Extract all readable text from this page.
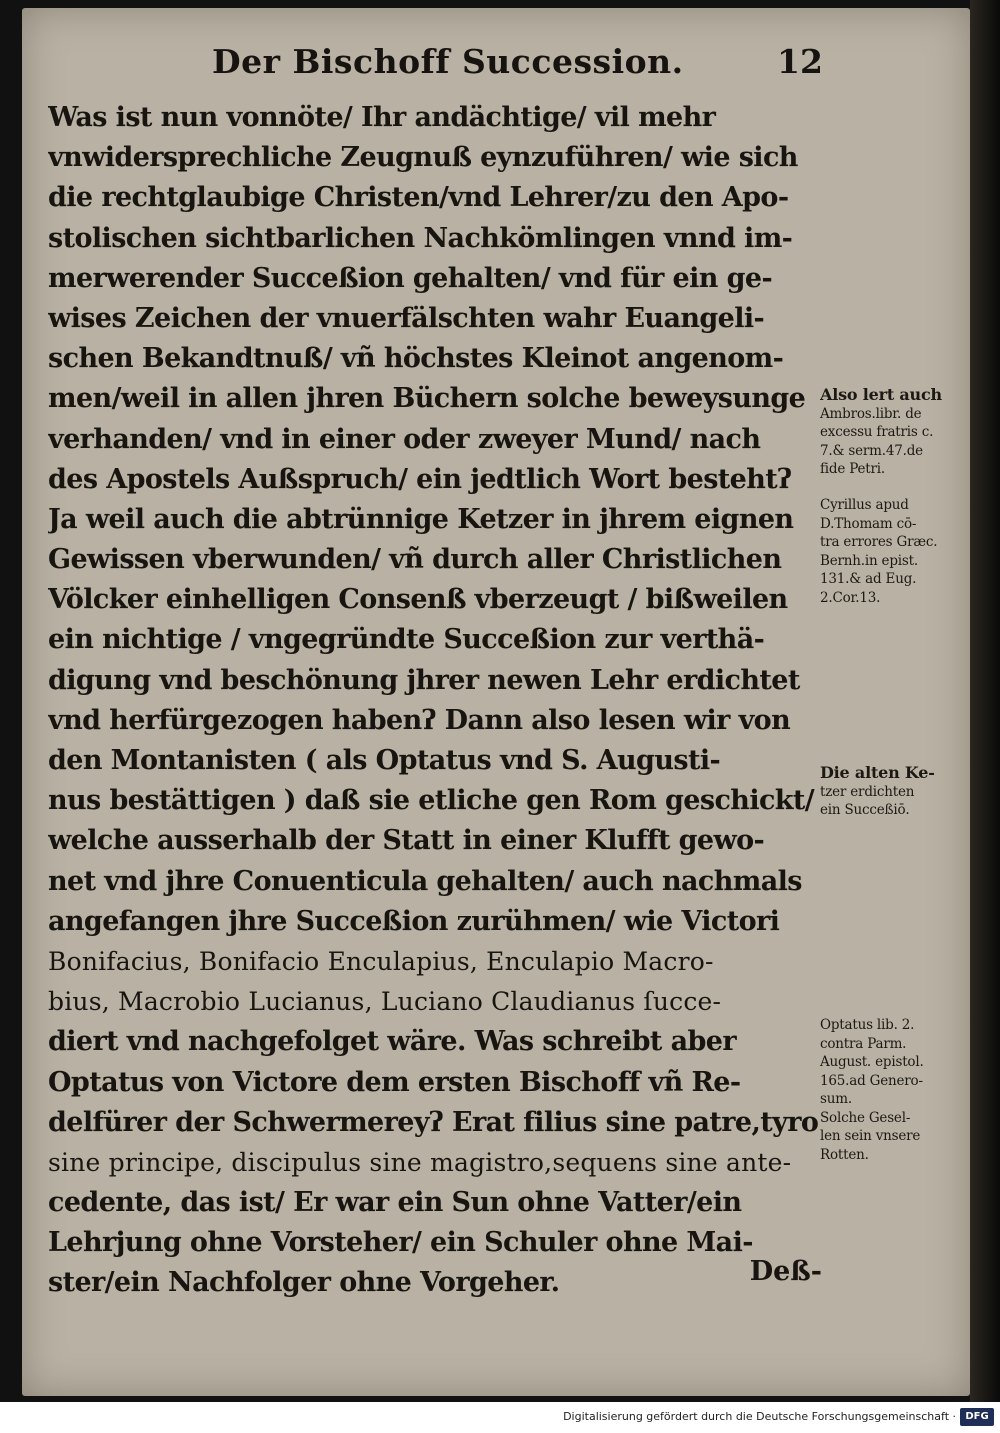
Der Bischoff Succession.	12
Was ist nun vonnöte/ Ihr andächtige/ vil mehr
vnwidersprechliche Zeugnuß eynzuführen/ wie sich
die rechtglaubige Christen/vnd Lehrer/zu den Apo-
stolischen sichtbarlichen Nachkömlingen vnnd im-
merwerender Succeßion gehalten/ vnd für ein ge-
wises Zeichen der vnuerfälschten wahr Euangeli-
schen Bekandtnuß/ vñ höchstes Kleinot angenom-
men/weil in allen jhren Büchern solche beweysunge
verhanden/ vnd in einer oder zweyer Mund/ nach
des Apostels Außspruch/ ein jedtlich Wort bestehtʔ
Ja weil auch die abtrünnige Ketzer in jhrem eignen
Gewissen vberwunden/ vñ durch aller Christlichen
Völcker einhelligen Consenß vberzeugt / bißweilen
ein nichtige / vngegründte Succeßion zur verthä-
digung vnd beschönung jhrer newen Lehr erdichtet
vnd herfürgezogen habenʔ Dann also lesen wir von
den Montanisten ( als Optatus vnd S. Augusti-
nus bestättigen ) daß sie etliche gen Rom geschickt/
welche ausserhalb der Statt in einer Klufft gewo-
net vnd jhre Conuenticula gehalten/ auch nachmals
angefangen jhre Succeßion zurühmen/ wie Victori
Bonifacius, Bonifacio Enculapius, Enculapio Macro-
bius, Macrobio Lucianus, Luciano Claudianus ſucce-
diert vnd nachgefolget wäre. Was schreibt aber
Optatus von Victore dem ersten Bischoff vñ Re-
delfürer der Schwermereyʔ Erat filius sine patre,tyro
sine principe, discipulus sine magistro,sequens sine ante-
cedente, das ist/ Er war ein Sun ohne Vatter/ein
Lehrjung ohne Vorsteher/ ein Schuler ohne Mai-
ster/ein Nachfolger ohne Vorgeher.	Deß-
Also lert auch
Ambros.libr. de
excessu fratris c.
7.& serm.47.de
fide Petri.
Cyrillus apud
D.Thomam cō-
tra errores Græc.
Bernh.in epist.
131.& ad Eug.
2.Cor.13.
Die alten Ke-
tzer erdichten
ein Succeßiō.
Optatus lib. 2.
contra Parm.
August. epistol.
165.ad Genero-
sum.
Solche Gesel-
len sein vnsere
Rotten.
Digitalisierung gefördert durch die Deutsche Forschungsgemeinschaft · DFG
